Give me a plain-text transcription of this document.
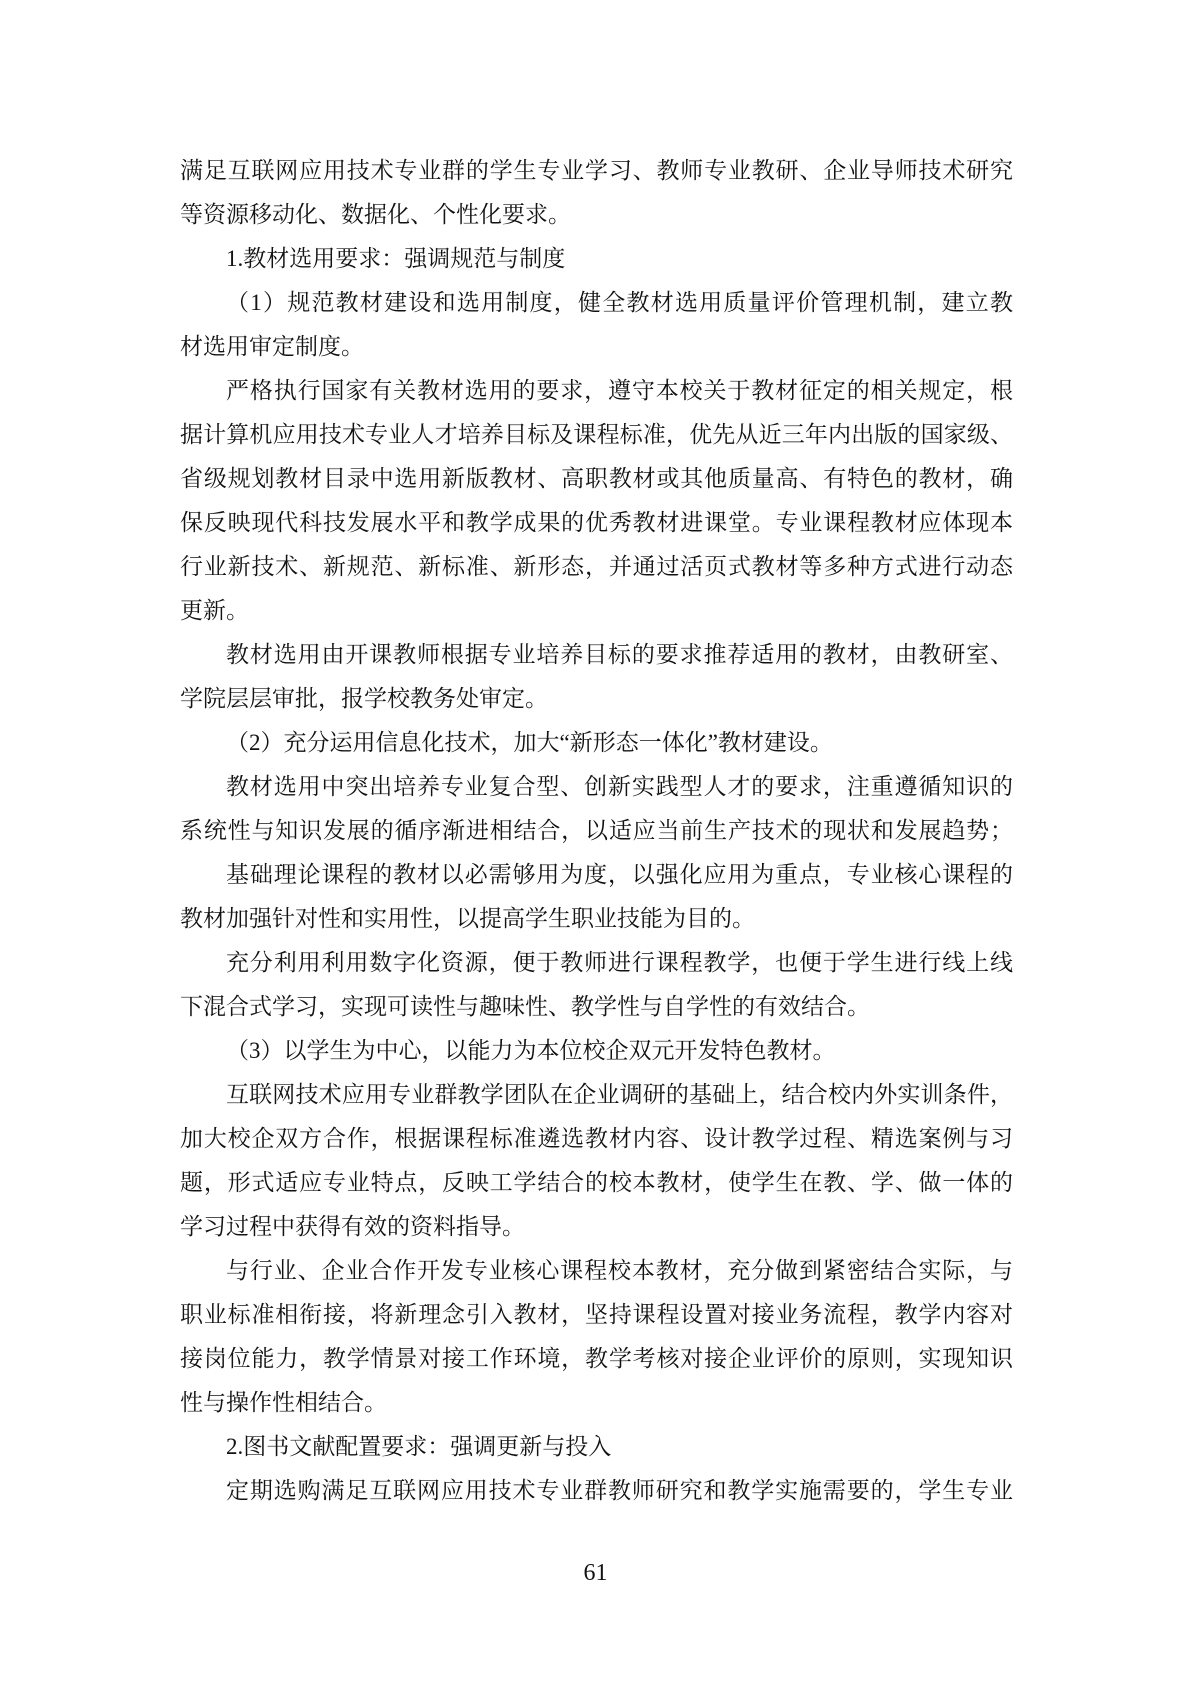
满足互联网应用技术专业群的学生专业学习、教师专业教研、企业导师技术研究
等资源移动化、数据化、个性化要求。
1.教材选用要求：强调规范与制度
（1）规范教材建设和选用制度，健全教材选用质量评价管理机制，建立教
材选用审定制度。
严格执行国家有关教材选用的要求，遵守本校关于教材征定的相关规定，根
据计算机应用技术专业人才培养目标及课程标准，优先从近三年内出版的国家级、
省级规划教材目录中选用新版教材、高职教材或其他质量高、有特色的教材，确
保反映现代科技发展水平和教学成果的优秀教材进课堂。专业课程教材应体现本
行业新技术、新规范、新标准、新形态，并通过活页式教材等多种方式进行动态
更新。
教材选用由开课教师根据专业培养目标的要求推荐适用的教材，由教研室、
学院层层审批，报学校教务处审定。
（2）充分运用信息化技术，加大“新形态一体化”教材建设。
教材选用中突出培养专业复合型、创新实践型人才的要求，注重遵循知识的
系统性与知识发展的循序渐进相结合，以适应当前生产技术的现状和发展趋势；
基础理论课程的教材以必需够用为度，以强化应用为重点，专业核心课程的
教材加强针对性和实用性，以提高学生职业技能为目的。
充分利用利用数字化资源，便于教师进行课程教学，也便于学生进行线上线
下混合式学习，实现可读性与趣味性、教学性与自学性的有效结合。
（3）以学生为中心，以能力为本位校企双元开发特色教材。
互联网技术应用专业群教学团队在企业调研的基础上，结合校内外实训条件，
加大校企双方合作，根据课程标准遴选教材内容、设计教学过程、精选案例与习
题，形式适应专业特点，反映工学结合的校本教材，使学生在教、学、做一体的
学习过程中获得有效的资料指导。
与行业、企业合作开发专业核心课程校本教材，充分做到紧密结合实际，与
职业标准相衔接，将新理念引入教材，坚持课程设置对接业务流程，教学内容对
接岗位能力，教学情景对接工作环境，教学考核对接企业评价的原则，实现知识
性与操作性相结合。
2.图书文献配置要求：强调更新与投入
定期选购满足互联网应用技术专业群教师研究和教学实施需要的，学生专业
61
